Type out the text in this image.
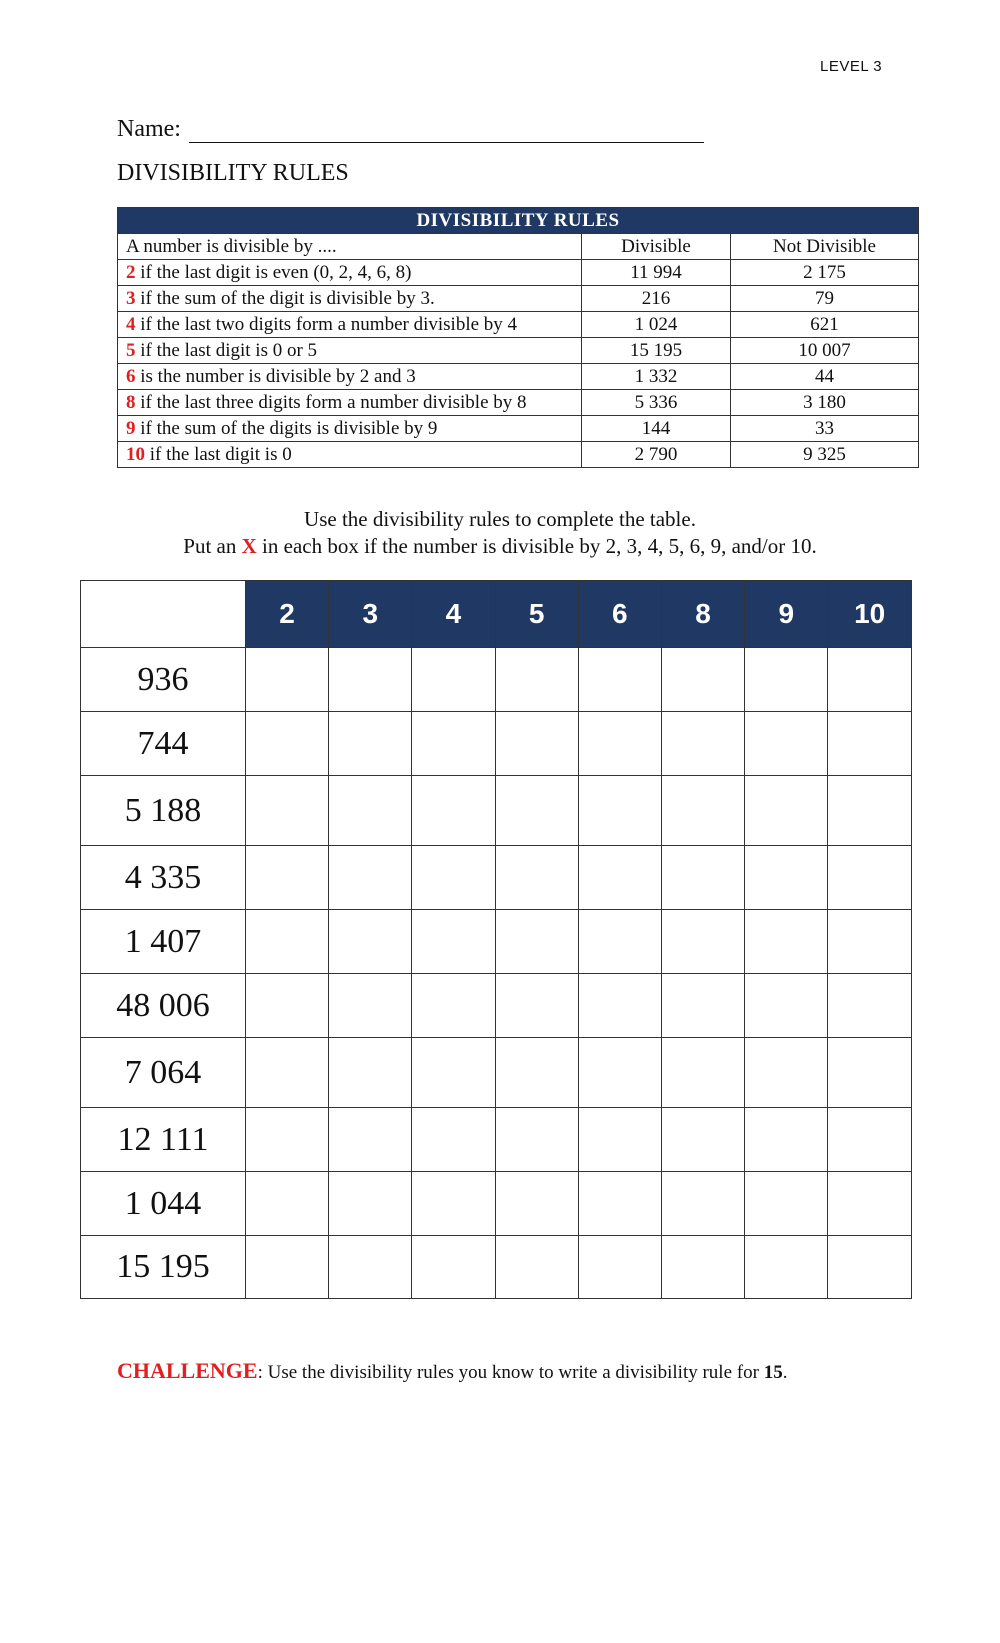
LEVEL 3
Name:
DIVISIBILITY RULES
DIVISIBILITY RULES		
A number is divisible by ....	Divisible	Not Divisible
2 if the last digit is even (0, 2, 4, 6, 8)	11 994	2 175
3 if the sum of the digit is divisible by 3.	216	79
4 if the last two digits form a number divisible by 4	1 024	621
5 if the last digit is 0 or 5	15 195	10 007
6 is the number is divisible by 2 and 3	1 332	44
8 if the last three digits form a number divisible by 8	5 336	3 180
9 if the sum of the digits is divisible by 9	144	33
10 if the last digit is 0	2 790	9 325
Use the divisibility rules to complete the table.
Put an X in each box if the number is divisible by 2, 3, 4, 5, 6, 9, and/or 10.
	2	3	4	5	6	8	9	10
936								
744								
5 188								
4 335								
1 407								
48 006								
7 064								
12 111								
1 044								
15 195								
CHALLENGE: Use the divisibility rules you know to write a divisibility rule for 15.
